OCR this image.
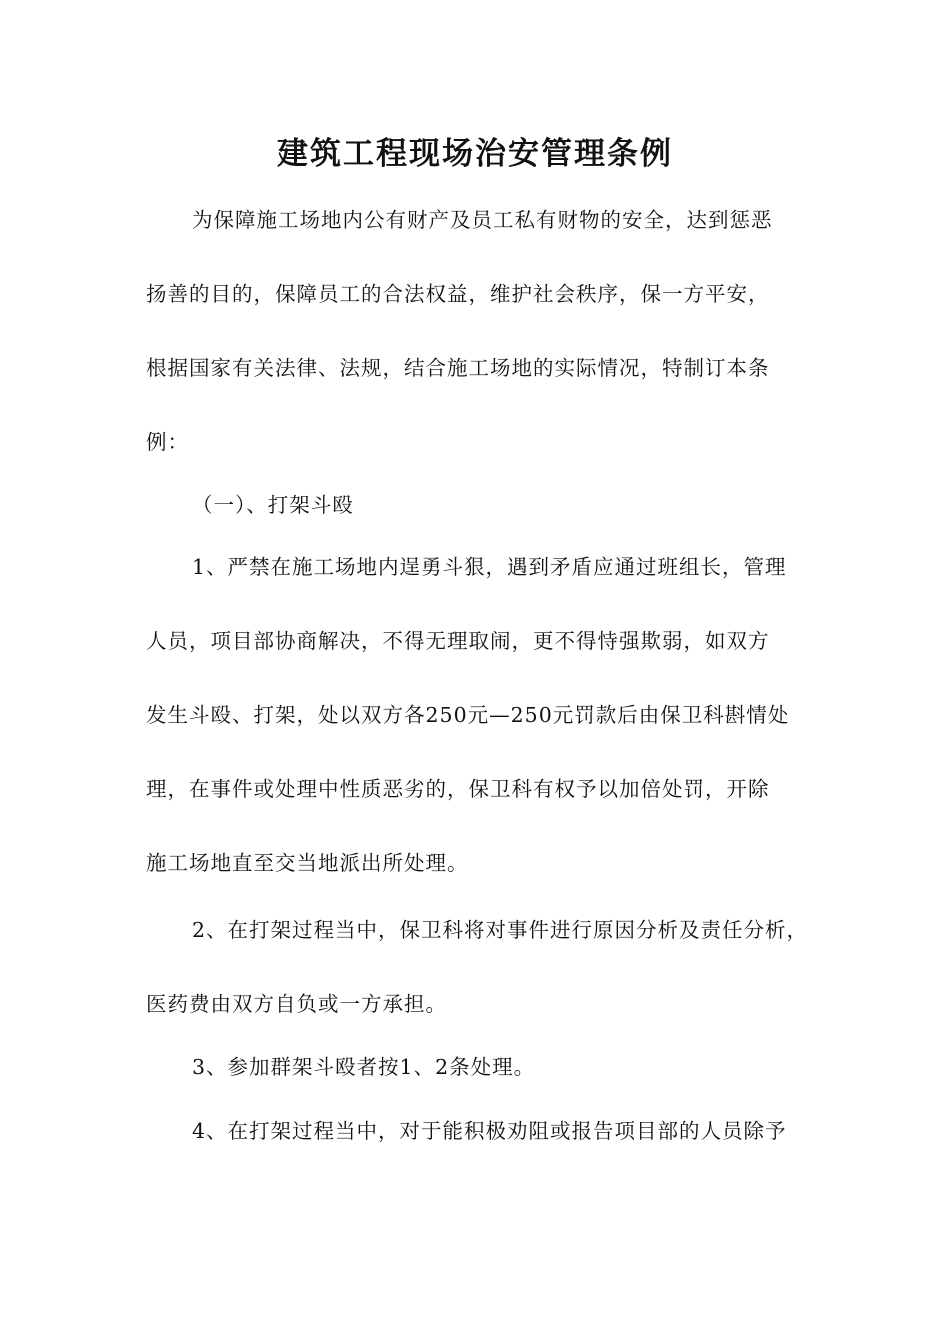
建筑工程现场治安管理条例
为保障施工场地内公有财产及员工私有财物的安全，达到惩恶
扬善的目的，保障员工的合法权益，维护社会秩序，保一方平安，
根据国家有关法律、法规，结合施工场地的实际情况，特制订本条
例：
（一）、打架斗殴
1、严禁在施工场地内逞勇斗狠，遇到矛盾应通过班组长，管理
人员，项目部协商解决，不得无理取闹，更不得恃强欺弱，如双方
发生斗殴、打架，处以双方各250元—250元罚款后由保卫科斟情处
理，在事件或处理中性质恶劣的，保卫科有权予以加倍处罚，开除
施工场地直至交当地派出所处理。
2、在打架过程当中，保卫科将对事件进行原因分析及责任分析，
医药费由双方自负或一方承担。
3、参加群架斗殴者按1、2条处理。
4、在打架过程当中，对于能积极劝阻或报告项目部的人员除予
